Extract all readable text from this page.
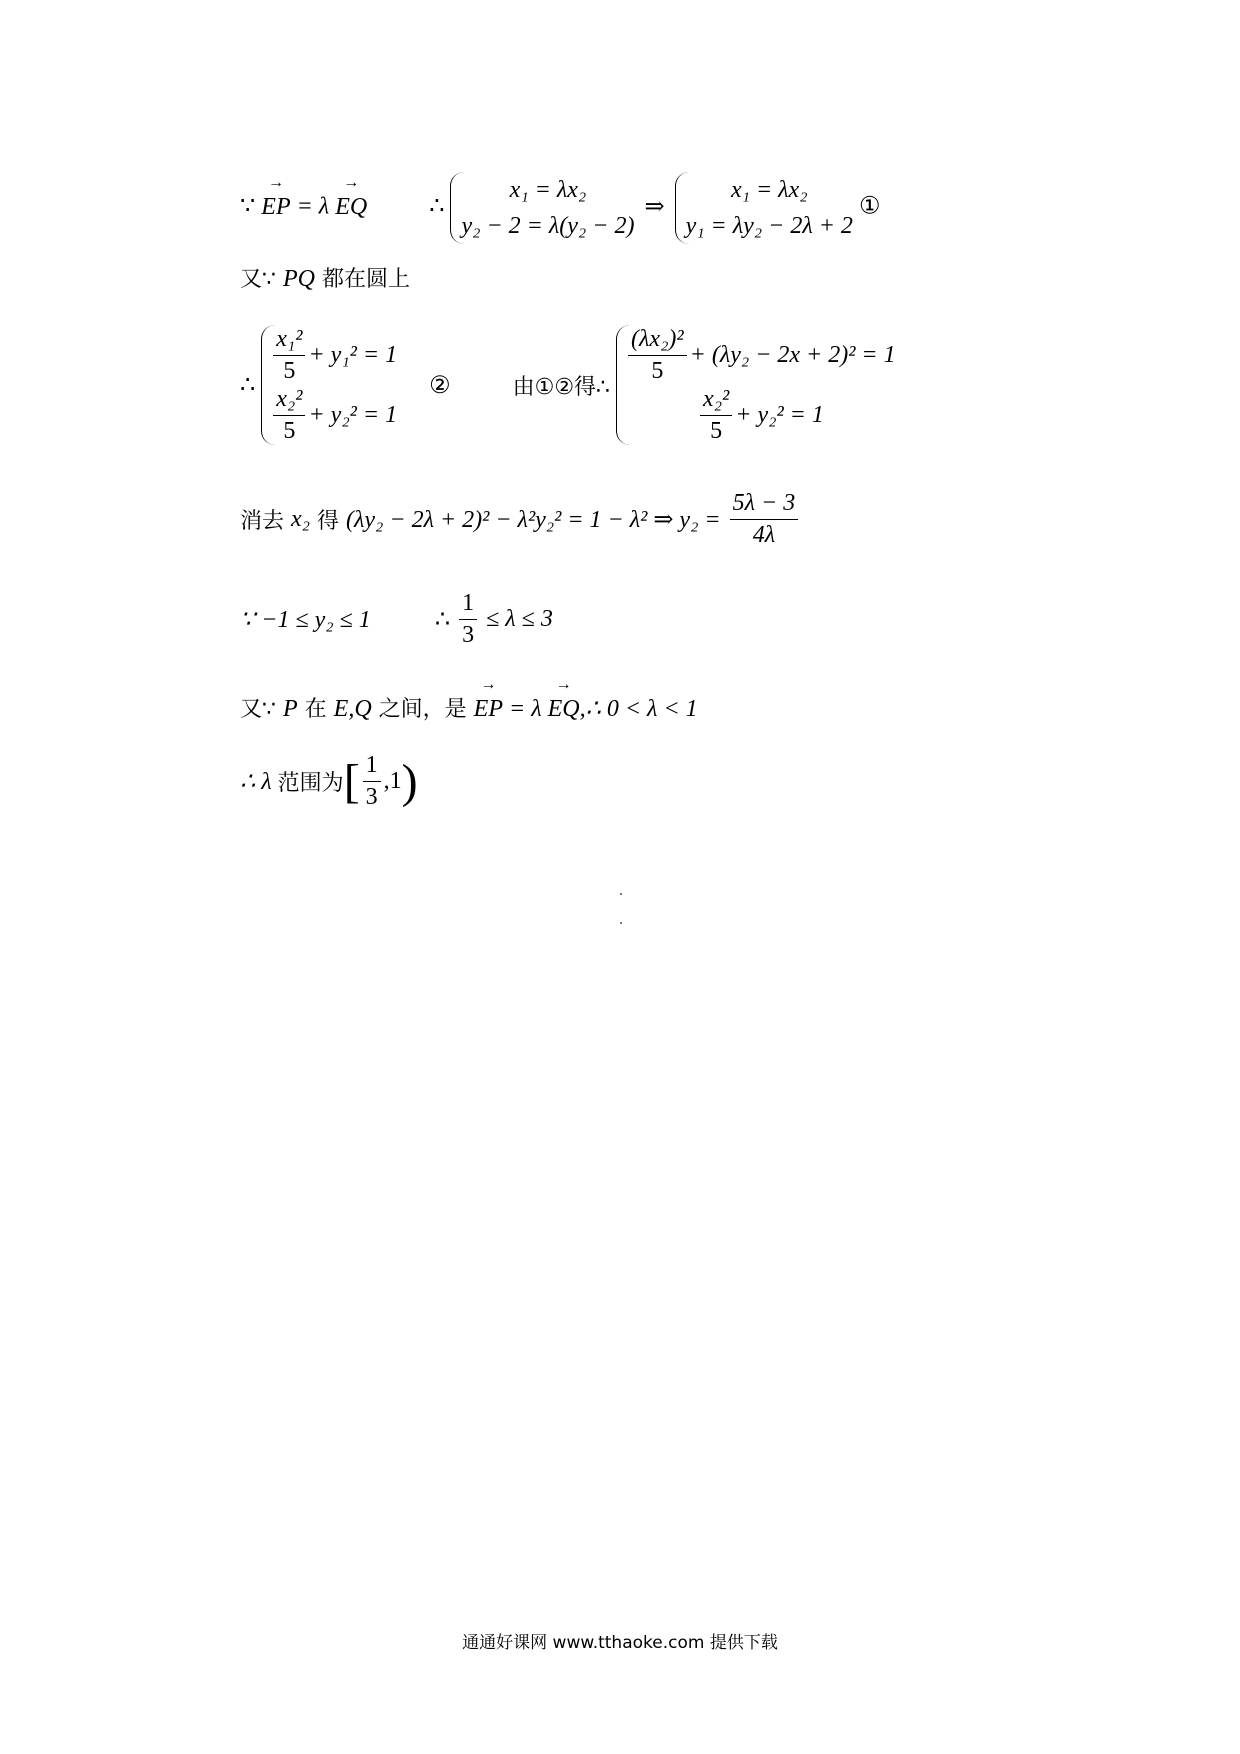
∵ → EP = λ → EQ	∴
x₁ = λx₂
y₂ − 2 = λ(y₂ − 2)
⇒
x₁ = λx₂
y₁ = λy₂ − 2λ + 2
①
又∵ PQ 都在圆上
∴
$\frac{\text{x₁²}}{5} + y_1^2 = 1$
$\frac{\text{x₂²}}{5} + y_2^2 = 1$
②	由①②得∴
$\frac{\text{(λx₂)²}}{5} + (\lambda y_2 - 2x + 2)^2 = 1$
$\frac{\text{x₂²}}{5} + y_2^2 = 1$
消去 x₂ 得 (λy₂ − 2λ + 2)² − λ²y₂² = 1 − λ² ⇒ $y_2 = \frac{5\lambda - 3}{4\lambda}$
∵ −1 ≤ y₂ ≤ 1	∴ $\frac{1}{3} \le \lambda \le 3$
又∵ P 在 E,Q 之间，是 → EP = λ → EQ,∴ 0 < λ < 1
∴ λ 范围为[ $\frac{1}{3} ,1$)
通通好课网 www.tthaoke.com 提供下载
